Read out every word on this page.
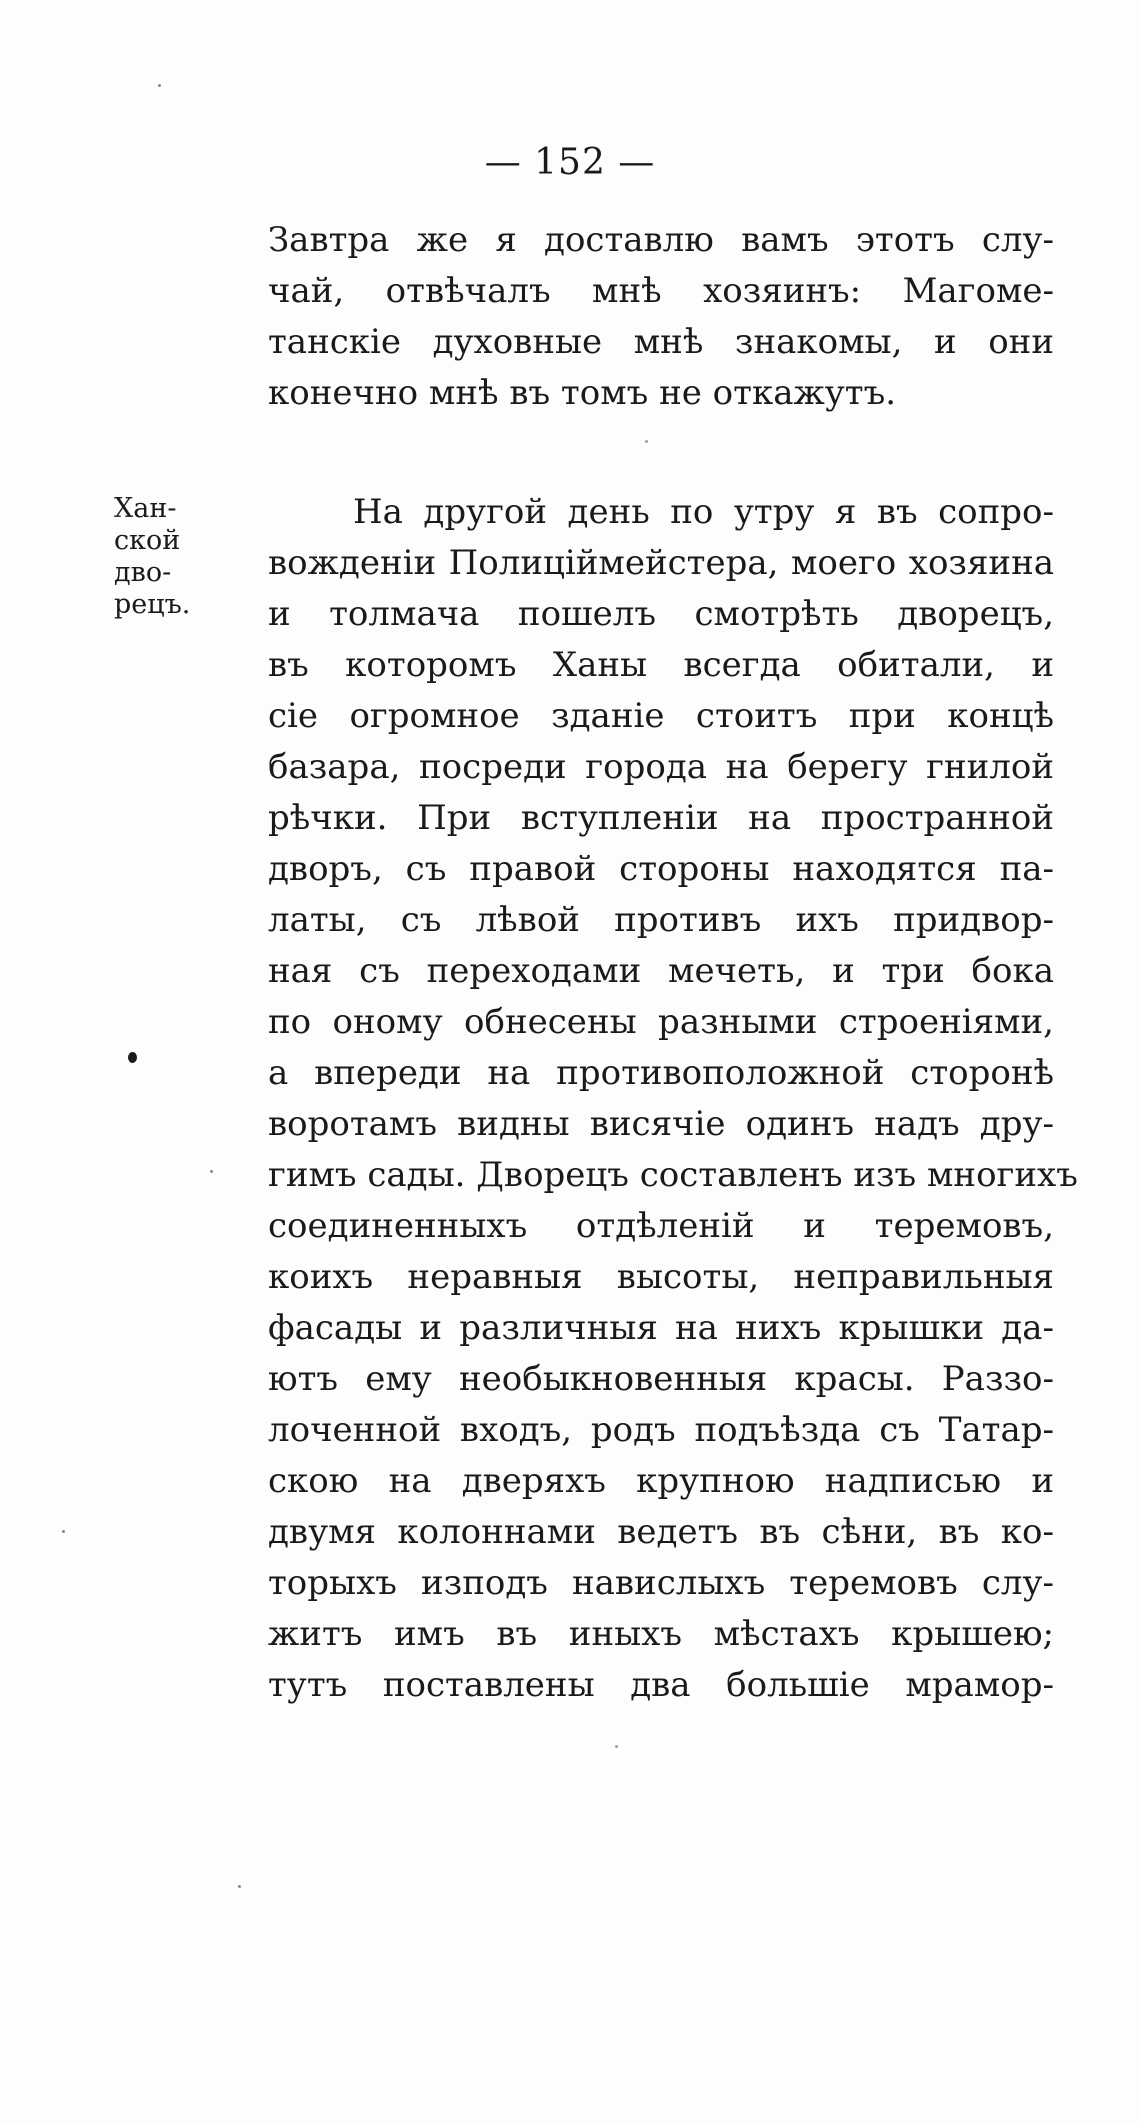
— 152 —
Завтра же я доставлю вамъ этотъ слу-
чай, отвѣчалъ мнѣ хозяинъ: Магоме-
танскіе духовные мнѣ знакомы, и они
конечно мнѣ въ томъ не откажутъ.
Хан-
ской
дво-
рецъ.
На другой день по утру я въ сопро-
вожденіи Полиціймейстера, моего хозяина
и толмача пошелъ смотрѣть дворецъ,
въ которомъ Ханы всегда обитали, и
сіе огромное зданіе стоитъ при концѣ
базара, посреди города на берегу гнилой
рѣчки. При вступленіи на пространной
дворъ, съ правой стороны находятся па-
латы, съ лѣвой противъ ихъ придвор-
ная съ переходами мечеть, и три бока
по оному обнесены разными строеніями,
а впереди на противоположной сторонѣ
воротамъ видны висячіе одинъ надъ дру-
гимъ сады. Дворецъ составленъ изъ многихъ
соединенныхъ отдѣленій и теремовъ,
коихъ неравныя высоты, неправильныя
фасады и различныя на нихъ крышки да-
ютъ ему необыкновенныя красы. Раззо-
лоченной входъ, родъ подъѣзда съ Татар-
скою на дверяхъ крупною надписью и
двумя колоннами ведетъ въ сѣни, въ ко-
торыхъ изподъ навислыхъ теремовъ слу-
житъ имъ въ иныхъ мѣстахъ крышею;
тутъ поставлены два большіе мрамор-
